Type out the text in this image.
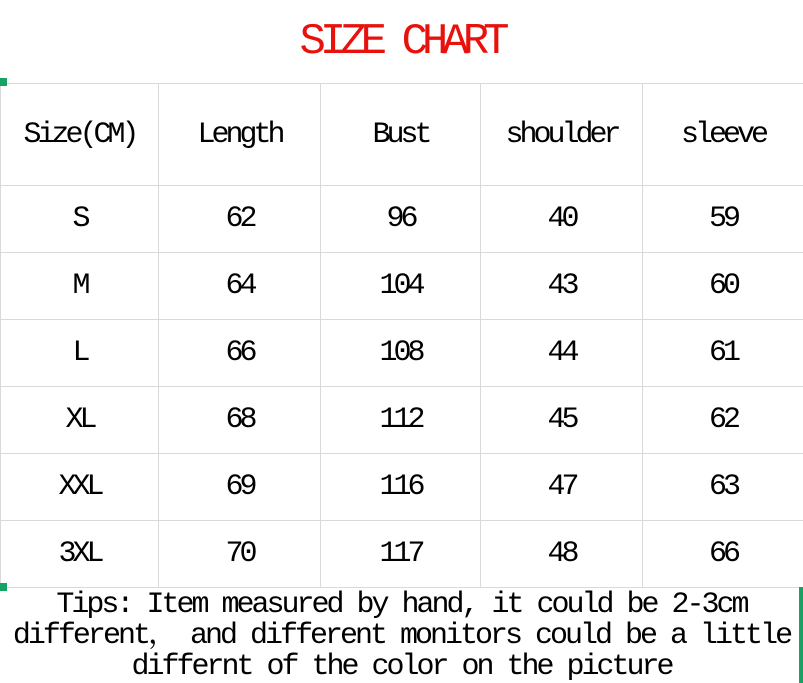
SIZE CHART
Size(CM)	Length	Bust	shoulder	sleeve
S	62	96	40	59
M	64	104	43	60
L	66	108	44	61
XL	68	112	45	62
XXL	69	116	47	63
3XL	70	117	48	66
Tips: Item measured by hand, it could be 2-3cm
different， and different monitors could be a little
differnt of the color on the picture
